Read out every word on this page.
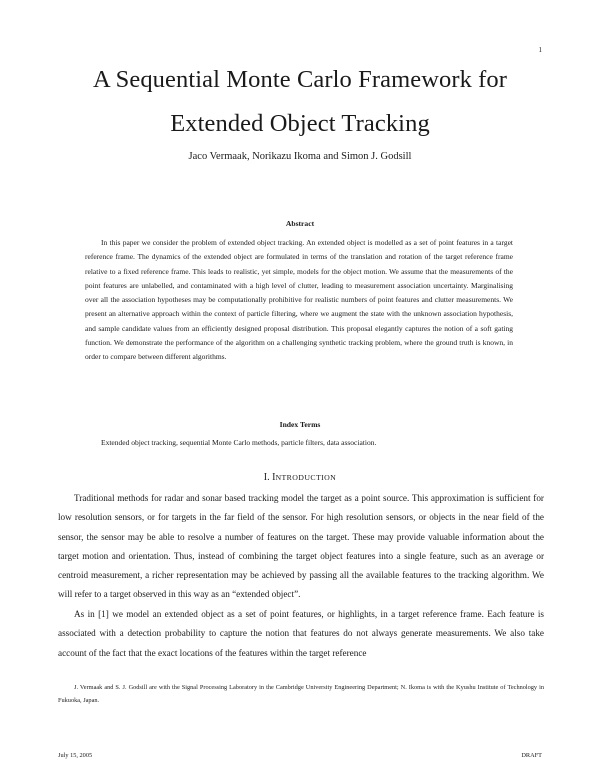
1
A Sequential Monte Carlo Framework for
Extended Object Tracking
Jaco Vermaak, Norikazu Ikoma and Simon J. Godsill
Abstract

In this paper we consider the problem of extended object tracking. An extended object is modelled as a set of point features in a target reference frame. The dynamics of the extended object are formulated in terms of the translation and rotation of the target reference frame relative to a fixed reference frame. This leads to realistic, yet simple, models for the object motion. We assume that the measurements of the point features are unlabelled, and contaminated with a high level of clutter, leading to measurement association uncertainty. Marginalising over all the association hypotheses may be computationally prohibitive for realistic numbers of point features and clutter measurements. We present an alternative approach within the context of particle filtering, where we augment the state with the unknown association hypothesis, and sample candidate values from an efficiently designed proposal distribution. This proposal elegantly captures the notion of a soft gating function. We demonstrate the performance of the algorithm on a challenging synthetic tracking problem, where the ground truth is known, in order to compare between different algorithms.

Index Terms

Extended object tracking, sequential Monte Carlo methods, particle filters, data association.

I. INTRODUCTION

Traditional methods for radar and sonar based tracking model the target as a point source. This approximation is sufficient for low resolution sensors, or for targets in the far field of the sensor. For high resolution sensors, or objects in the near field of the sensor, the sensor may be able to resolve a number of features on the target. These may provide valuable information about the target motion and orientation. Thus, instead of combining the target object features into a single feature, such as an average or centroid measurement, a richer representation may be achieved by passing all the available features to the tracking algorithm. We will refer to a target observed in this way as an “extended object”.

As in [1] we model an extended object as a set of point features, or highlights, in a target reference frame. Each feature is associated with a detection probability to capture the notion that features do not always generate measurements. We also take account of the fact that the exact locations of the features within the target reference

J. Vermaak and S. J. Godsill are with the Signal Processing Laboratory in the Cambridge University Engineering Department; N. Ikoma is with the Kyushu Institute of Technology in Fukuoka, Japan.

July 15, 2005	DRAFT
